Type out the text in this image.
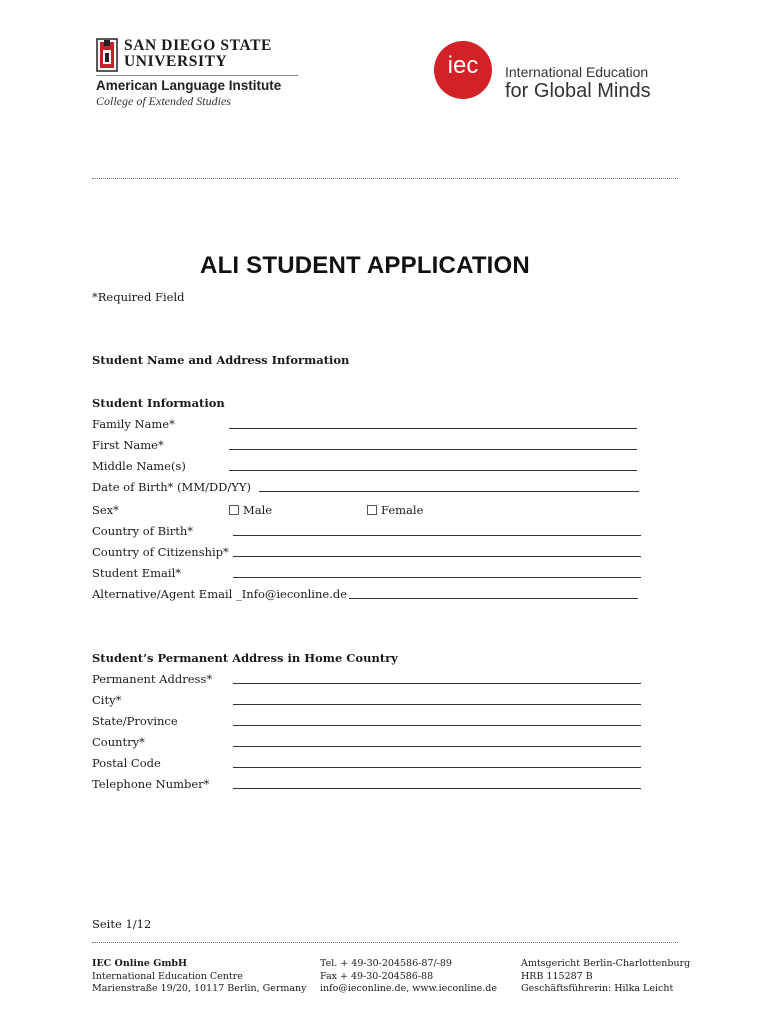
SAN DIEGO STATE
UNIVERSITY
American Language Institute
College of Extended Studies
iec	International Education
for Global Minds
ALI STUDENT APPLICATION
*Required Field
Student Name and Address Information
Student Information
Family Name*
First Name*
Middle Name(s)
Date of Birth* (MM/DD/YY)
Sex*	Male	Female
Country of Birth*
Country of Citizenship*
Student Email*
Alternative/Agent Email _Info@ieconline.de
Student’s Permanent Address in Home Country
Permanent Address*
City*
State/Province
Country*
Postal Code
Telephone Number*
Seite 1/12
IEC Online GmbH
International Education Centre
Marienstraße 19/20, 10117 Berlin, Germany
Tel. + 49-30-204586-87/-89
Fax + 49-30-204586-88
info@ieconline.de, www.ieconline.de
Amtsgericht Berlin-Charlottenburg
HRB 115287 B
Geschäftsführerin: Hilka Leicht
